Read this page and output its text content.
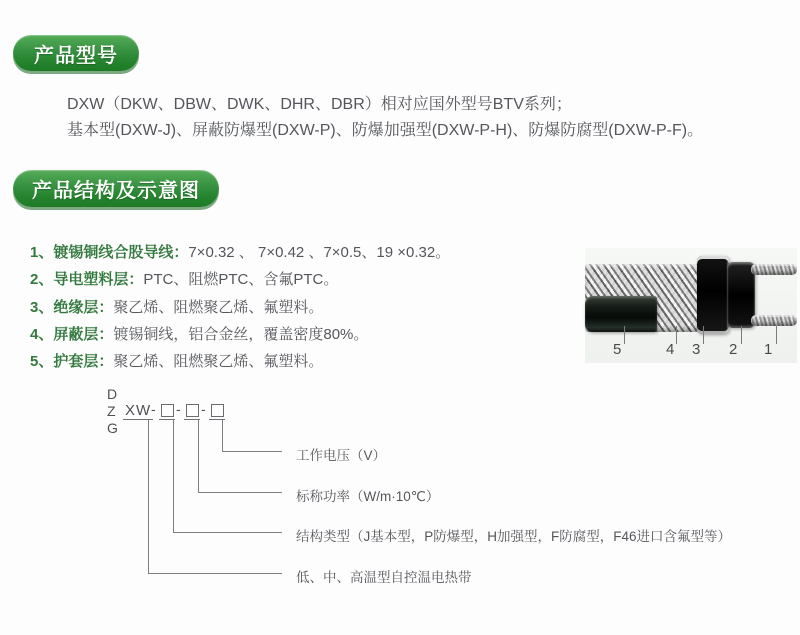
产品型号
DXW（DKW、DBW、DWK、DHR、DBR）相对应国外型号BTV系列；
基本型(DXW-J)、屏蔽防爆型(DXW-P)、防爆加强型(DXW-P-H)、防爆防腐型(DXW-P-F)。
产品结构及示意图
1、镀锡铜线合股导线：7×0.32 、 7×0.42 、7×0.5、19 ×0.32。
2、导电塑料层：PTC、阻燃PTC、含氟PTC。
3、绝缘层：聚乙烯、阻燃聚乙烯、氟塑料。
4、屏蔽层：镀锡铜线，铝合金丝，覆盖密度80%。
5、护套层：聚乙烯、阻燃聚乙烯、氟塑料。
5	4 3 2 1
D
Z
G
XW - - -
工作电压（V）
标称功率（W/m·10℃）
结构类型（J基本型，P防爆型，H加强型，F防腐型，F46进口含氟型等）
低、中、高温型自控温电热带
